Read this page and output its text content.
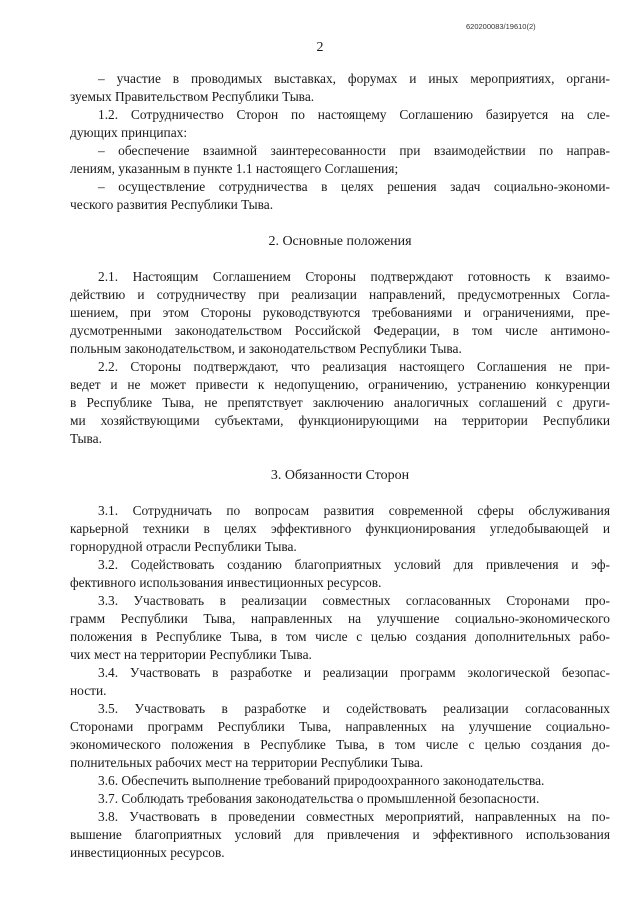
620200083/19610(2)
2
– участие в проводимых выставках, форумах и иных мероприятиях, органи-
зуемых Правительством Республики Тыва.
1.2. Сотрудничество Сторон по настоящему Соглашению базируется на сле-
дующих принципах:
– обеспечение взаимной заинтересованности при взаимодействии по направ-
лениям, указанным в пункте 1.1 настоящего Соглашения;
– осуществление сотрудничества в целях решения задач социально-экономи-
ческого развития Республики Тыва.
2. Основные положения
2.1. Настоящим Соглашением Стороны подтверждают готовность к взаимо-
действию и сотрудничеству при реализации направлений, предусмотренных Согла-
шением, при этом Стороны руководствуются требованиями и ограничениями, пре-
дусмотренными законодательством Российской Федерации, в том числе антимоно-
польным законодательством, и законодательством Республики Тыва.
2.2. Стороны подтверждают, что реализация настоящего Соглашения не при-
ведет и не может привести к недопущению, ограничению, устранению конкуренции
в Республике Тыва, не препятствует заключению аналогичных соглашений с други-
ми хозяйствующими субъектами, функционирующими на территории Республики
Тыва.
3. Обязанности Сторон
3.1. Сотрудничать по вопросам развития современной сферы обслуживания
карьерной техники в целях эффективного функционирования угледобывающей и
горнорудной отрасли Республики Тыва.
3.2. Содействовать созданию благоприятных условий для привлечения и эф-
фективного использования инвестиционных ресурсов.
3.3. Участвовать в реализации совместных согласованных Сторонами про-
грамм Республики Тыва, направленных на улучшение социально-экономического
положения в Республике Тыва, в том числе с целью создания дополнительных рабо-
чих мест на территории Республики Тыва.
3.4. Участвовать в разработке и реализации программ экологической безопас-
ности.
3.5. Участвовать в разработке и содействовать реализации согласованных
Сторонами программ Республики Тыва, направленных на улучшение социально-
экономического положения в Республике Тыва, в том числе с целью создания до-
полнительных рабочих мест на территории Республики Тыва.
3.6. Обеспечить выполнение требований природоохранного законодательства.
3.7. Соблюдать требования законодательства о промышленной безопасности.
3.8. Участвовать в проведении совместных мероприятий, направленных на по-
вышение благоприятных условий для привлечения и эффективного использования
инвестиционных ресурсов.
